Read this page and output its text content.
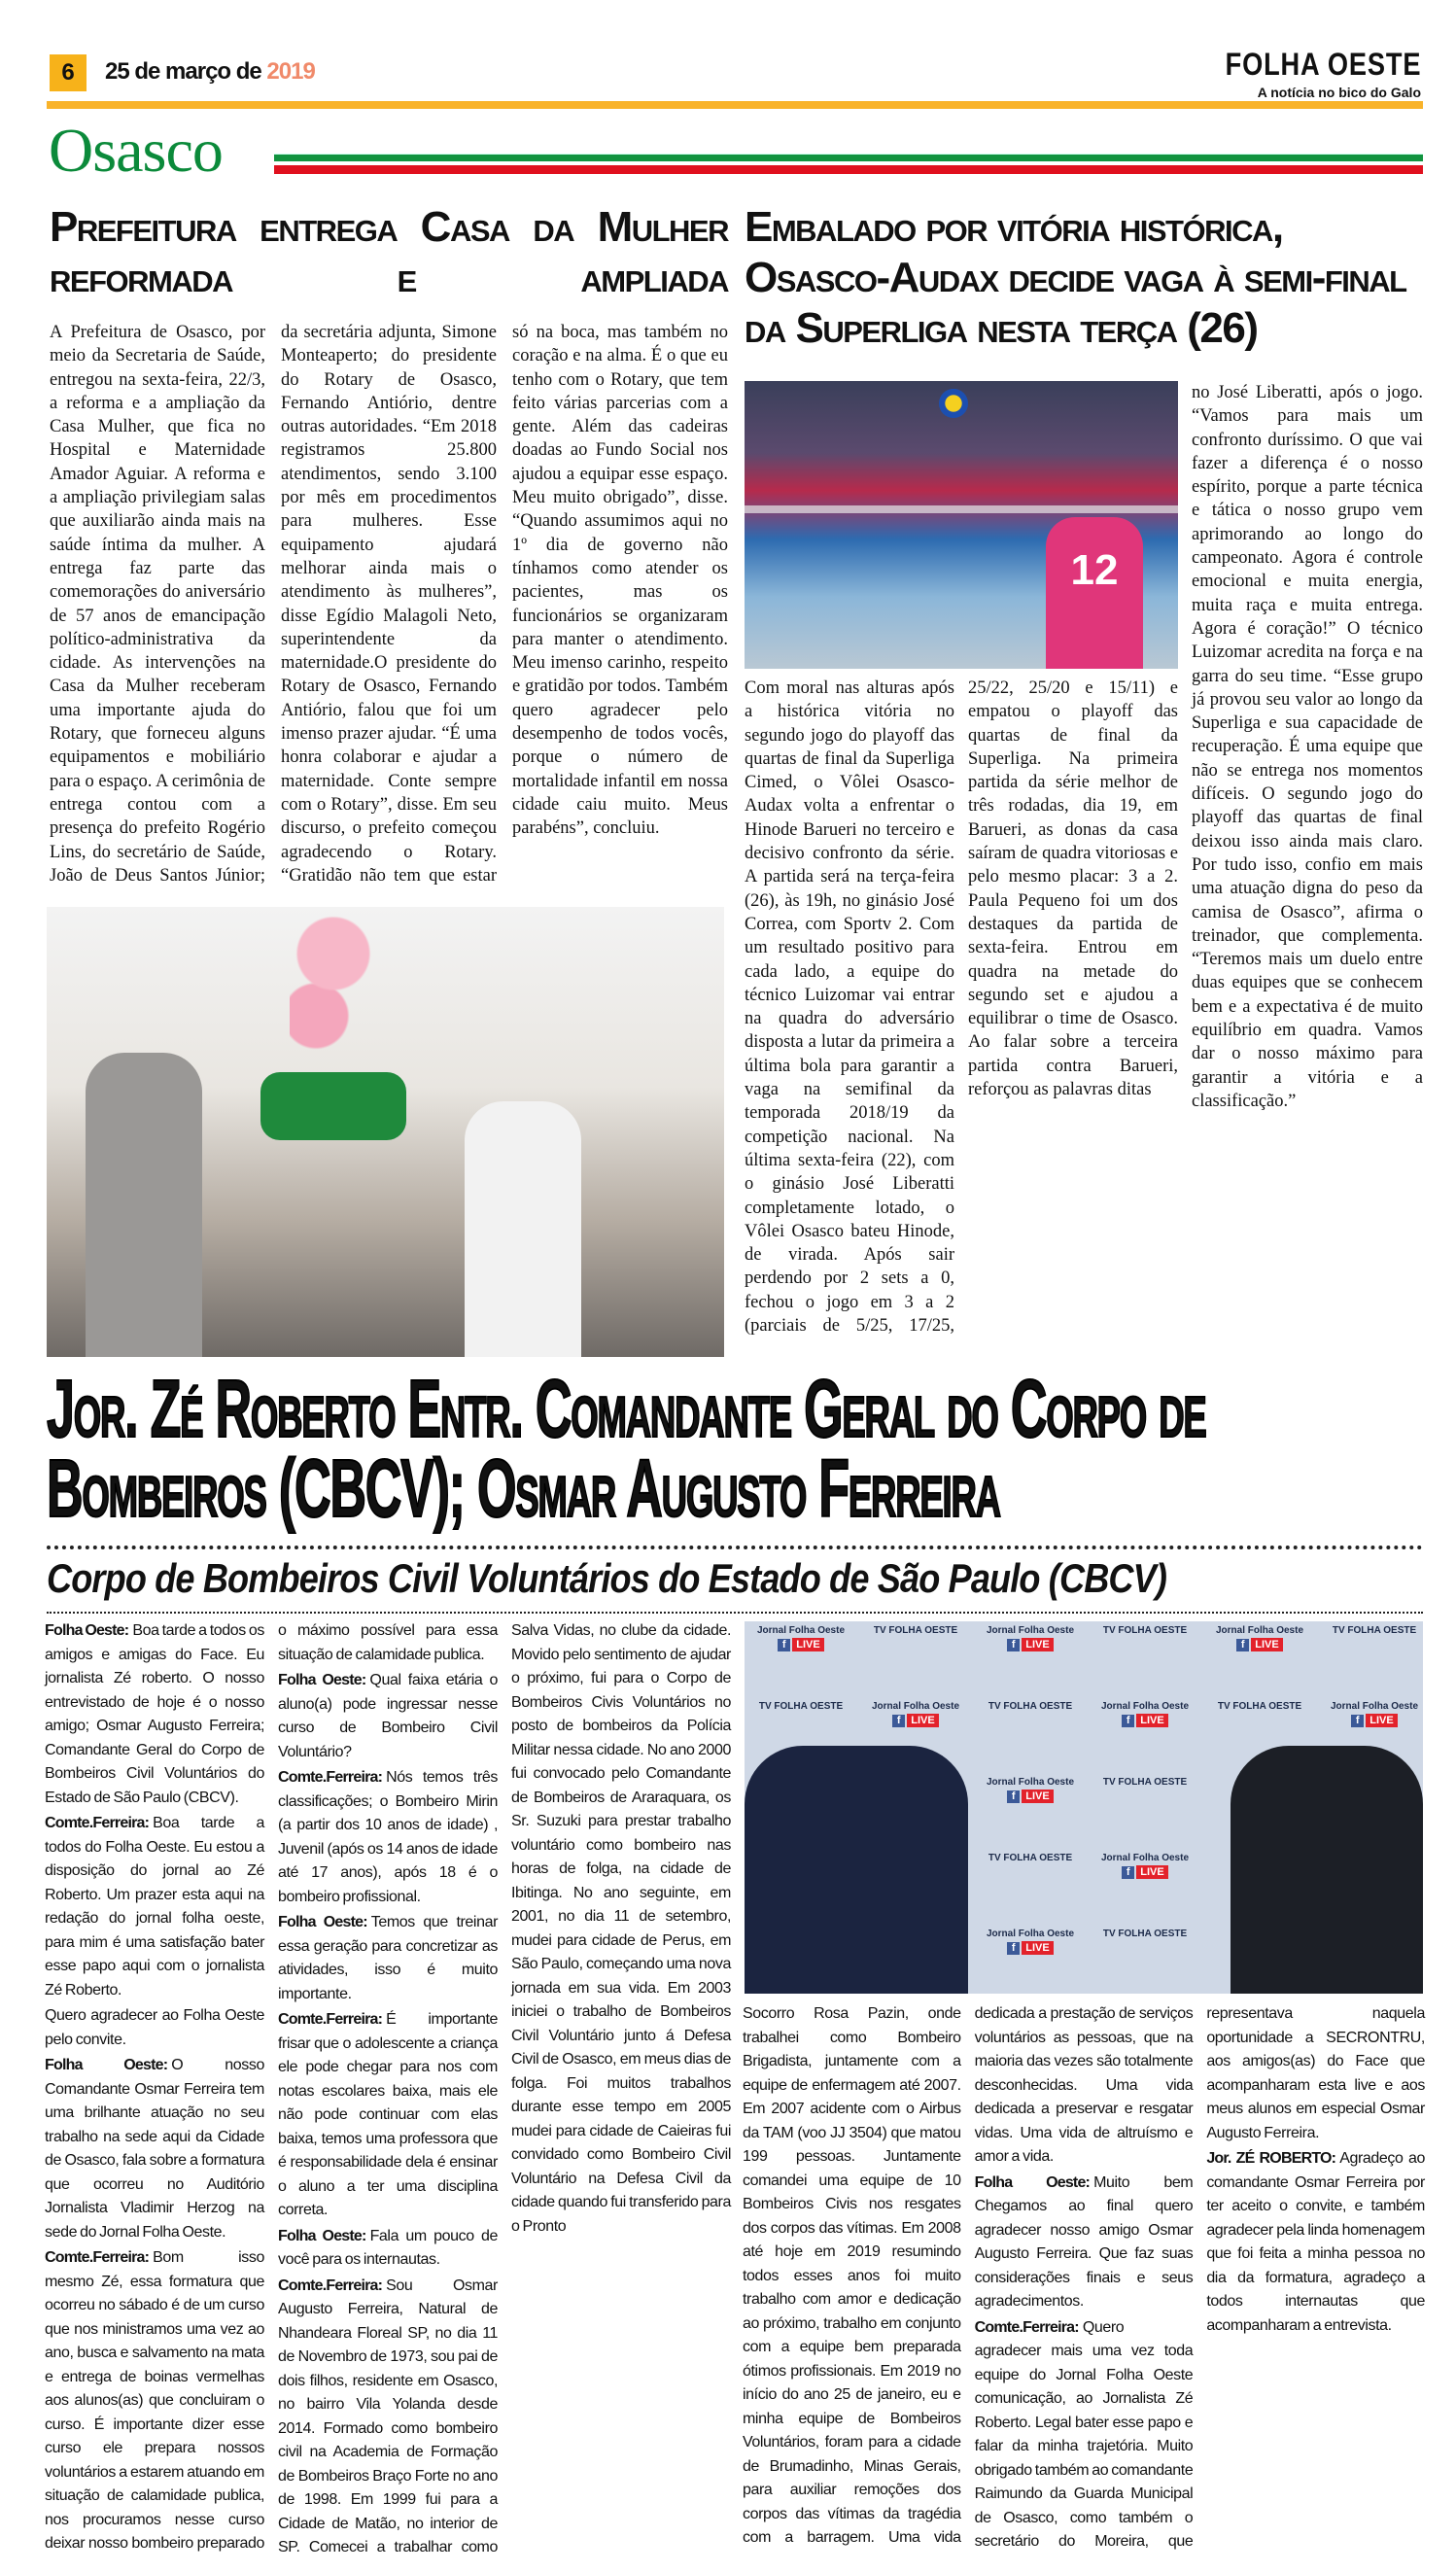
6	25 de março de 2019	FOLHA OESTE
A notícia no bico do Galo
Osasco
Prefeitura entrega Casa da Mulher reformada e ampliada
A Prefeitura de Osasco, por meio da Secretaria de Saúde, entregou na sexta-feira, 22/3, a reforma e a ampliação da Casa Mulher, que fica no Hospital e Maternidade Amador Aguiar. A reforma e a ampliação privilegiam salas que auxiliarão ainda mais na saúde íntima da mulher. A entrega faz parte das comemorações do aniversário de 57 anos de emancipação político-administrativa da cidade. As intervenções na Casa da Mulher receberam uma importante ajuda do Rotary, que forneceu alguns equipamentos e mobiliário para o espaço. A cerimônia de entrega contou com a presença do prefeito Rogério Lins, do secretário de Saúde, João de Deus Santos Júnior; da secretária adjunta, Simone Monteaperto; do presidente do Rotary de Osasco, Fernando Antiório, dentre outras autoridades. “Em 2018 registramos 25.800 atendimentos, sendo 3.100 por mês em procedimentos para mulheres. Esse equipamento ajudará melhorar ainda mais o atendimento às mulheres”, disse Egídio Malagoli Neto, superintendente da maternidade.O presidente do Rotary de Osasco, Fernando Antiório, falou que foi um imenso prazer ajudar. “É uma honra colaborar e ajudar a maternidade. Conte sempre com o Rotary”, disse. Em seu discurso, o prefeito começou agradecendo o Rotary. “Gratidão não tem que estar só na boca, mas também no coração e na alma. É o que eu tenho com o Rotary, que tem feito várias parcerias com a gente. Além das cadeiras doadas ao Fundo Social nos ajudou a equipar esse espaço. Meu muito obrigado”, disse. “Quando assumimos aqui no 1º dia de governo não tínhamos como atender os pacientes, mas os funcionários se organizaram para manter o atendimento. Meu imenso carinho, respeito e gratidão por todos. Também quero agradecer pelo desempenho de todos vocês, porque o número de mortalidade infantil em nossa cidade caiu muito. Meus parabéns”, concluiu.
Embalado por vitória histórica, Osasco-Audax decide vaga à semi-final da Superliga nesta terça (26)
12
Com moral nas alturas após a histórica vitória no segundo jogo do playoff das quartas de final da Superliga Cimed, o Vôlei Osasco-Audax volta a enfrentar o Hinode Barueri no terceiro e decisivo confronto da série. A partida será na terça-feira (26), às 19h, no ginásio José Correa, com Sportv 2. Com um resultado positivo para cada lado, a equipe do técnico Luizomar vai entrar na quadra do adversário disposta a lutar da primeira a última bola para garantir a vaga na semifinal da temporada 2018/19 da competição nacional. Na última sexta-feira (22), com o ginásio José Liberatti completamente lotado, o Vôlei Osasco bateu Hinode, de virada. Após sair perdendo por 2 sets a 0, fechou o jogo em 3 a 2 (parciais de 5/25, 17/25, 25/22, 25/20 e 15/11) e empatou o playoff das quartas de final da Superliga. Na primeira partida da série melhor de três rodadas, dia 19, em Barueri, as donas da casa saíram de quadra vitoriosas e pelo mesmo placar: 3 a 2. Paula Pequeno foi um dos destaques da partida de sexta-feira. Entrou em quadra na metade do segundo set e ajudou a equilibrar o time de Osasco. Ao falar sobre a terceira partida contra Barueri, reforçou as palavras ditas
no José Liberatti, após o jogo. “Vamos para mais um confronto duríssimo. O que vai fazer a diferença é o nosso espírito, porque a parte técnica e tática o nosso grupo vem aprimorando ao longo do campeonato. Agora é controle emocional e muita energia, muita raça e muita entrega. Agora é coração!” O técnico Luizomar acredita na força e na garra do seu time. “Esse grupo já provou seu valor ao longo da Superliga e sua capacidade de recuperação. É uma equipe que não se entrega nos momentos difíceis. O segundo jogo do playoff das quartas de final deixou isso ainda mais claro. Por tudo isso, confio em mais uma atuação digna do peso da camisa de Osasco”, afirma o treinador, que complementa. “Teremos mais um duelo entre duas equipes que se conhecem bem e a expectativa é de muito equilíbrio em quadra. Vamos dar o nosso máximo para garantir a vitória e a classificação.”
Jor. Zé Roberto Entr. Comandante Geral do Corpo de Bombeiros (CBCV); Osmar Augusto Ferreira
Corpo de Bombeiros Civil Voluntários do Estado de São Paulo (CBCV)

Folha Oeste: Boa tarde a todos os amigos e amigas do Face. Eu jornalista Zé roberto. O nosso entrevistado de hoje é o nosso amigo; Osmar Augusto Ferreira; Comandante Geral do Corpo de Bombeiros Civil Voluntários do Estado de São Paulo (CBCV).

Comte.Ferreira: Boa tarde a todos do Folha Oeste. Eu estou a disposição do jornal ao Zé Roberto. Um prazer esta aqui na redação do jornal folha oeste, para mim é uma satisfação bater esse papo aqui com o jornalista Zé Roberto.

Quero agradecer ao Folha Oeste pelo convite.

Folha Oeste: O nosso Comandante Osmar Ferreira tem uma brilhante atuação no seu trabalho na sede aqui da Cidade de Osasco, fala sobre a formatura que ocorreu no Auditório Jornalista Vladimir Herzog na sede do Jornal Folha Oeste.

Comte.Ferreira: Bom isso mesmo Zé, essa formatura que ocorreu no sábado é de um curso que nos ministramos uma vez ao ano, busca e salvamento na mata e entrega de boinas vermelhas aos alunos(as) que concluiram o curso. É importante dizer esse curso ele prepara nossos voluntários a estarem atuando em situação de calamidade publica, nos procuramos nesse curso deixar nosso bombeiro preparado o máximo possível para essa situação de calamidade publica.

Folha Oeste: Qual faixa etária o aluno(a) pode ingressar nesse curso de Bombeiro Civil Voluntário?

Comte.Ferreira: Nós temos três classificações; o Bombeiro Mirin (a partir dos 10 anos de idade) , Juvenil (após os 14 anos de idade até 17 anos), após 18 é o bombeiro profissional.

Folha Oeste: Temos que treinar essa geração para concretizar as atividades, isso é muito importante.

Comte.Ferreira: É importante frisar que o adolescente a criança ele pode chegar para nos com notas escolares baixa, mais ele não pode continuar com elas baixa, temos uma professora que é responsabilidade dela é ensinar o aluno a ter uma disciplina correta.

Folha Oeste: Fala um pouco de você para os internautas.

Comte.Ferreira: Sou Osmar Augusto Ferreira, Natural de Nhandeara Floreal SP, no dia 11 de Novembro de 1973, sou pai de dois filhos, residente em Osasco, no bairro Vila Yolanda desde 2014. Formado como bombeiro civil na Academia de Formação de Bombeiros Braço Forte no ano de 1998. Em 1999 fui para a Cidade de Matão, no interior de SP. Comecei a trabalhar como Salva Vidas, no clube da cidade. Movido pelo sentimento de ajudar o próximo, fui para o Corpo de Bombeiros Civis Voluntários no posto de bombeiros da Polícia Militar nessa cidade. No ano 2000 fui convocado pelo Comandante de Bombeiros de Araraquara, os Sr. Suzuki para prestar trabalho voluntário como bombeiro nas horas de folga, na cidade de Ibitinga. No ano seguinte, em 2001, no dia 11 de setembro, mudei para cidade de Perus, em São Paulo, começando uma nova jornada em sua vida. Em 2003 iniciei o trabalho de Bombeiros Civil Voluntário junto á Defesa Civil de Osasco, em meus dias de folga. Foi muitos trabalhos durante esse tempo em 2005 mudei para cidade de Caieiras fui convidado como Bombeiro Civil Voluntário na Defesa Civil da cidade quando fui transferido para o Pronto

Jornal Folha Oeste
f LIVE
TV FOLHA OESTE	Jornal Folha Oeste
f LIVE
TV FOLHA OESTE	Jornal Folha Oeste
f LIVE
TV FOLHA OESTE
TV FOLHA OESTE	Jornal Folha Oeste
f LIVE
TV FOLHA OESTE	Jornal Folha Oeste
f LIVE
TV FOLHA OESTE	Jornal Folha Oeste
f LIVE
Jornal Folha Oeste
f LIVE
TV FOLHA OESTE
TV FOLHA OESTE	Jornal Folha Oeste
f LIVE
Jornal Folha Oeste
f LIVE
TV FOLHA OESTE

Socorro Rosa Pazin, onde trabalhei como Bombeiro Brigadista, juntamente com a equipe de enfermagem até 2007. Em 2007 acidente com o Airbus da TAM (voo JJ 3504) que matou 199 pessoas. Juntamente comandei uma equipe de 10 Bombeiros Civis nos resgates dos corpos das vítimas. Em 2008 até hoje em 2019 resumindo todos esses anos foi muito trabalho com amor e dedicação ao próximo, trabalho em conjunto com a equipe bem preparada ótimos profissionais. Em 2019 no início do ano 25 de janeiro, eu e minha equipe de Bombeiros Voluntários, foram para a cidade de Brumadinho, Minas Gerais, para auxiliar remoções dos corpos das vítimas da tragédia com a barragem. Uma vida dedicada a prestação de serviços voluntários as pessoas, que na maioria das vezes são totalmente desconhecidas. Uma vida dedicada a preservar e resgatar vidas. Uma vida de altruísmo e amor a vida.

Folha Oeste: Muito bem Chegamos ao final quero agradecer nosso amigo Osmar Augusto Ferreira. Que faz suas considerações finais e seus agradecimentos.

Comte.Ferreira: Quero agradecer mais uma vez toda equipe do Jornal Folha Oeste comunicação, ao Jornalista Zé Roberto. Legal bater esse papo e falar da minha trajetória. Muito obrigado também ao comandante Raimundo da Guarda Municipal de Osasco, como também o secretário do Moreira, que representava naquela oportunidade a SECRONTRU, aos amigos(as) do Face que acompanharam esta live e aos meus alunos em especial Osmar Augusto Ferreira.

Jor. ZÉ ROBERTO: Agradeço ao comandante Osmar Ferreira por ter aceito o convite, e também agradecer pela linda homenagem que foi feita a minha pessoa no dia da formatura, agradeço a todos internautas que acompanharam a entrevista.
